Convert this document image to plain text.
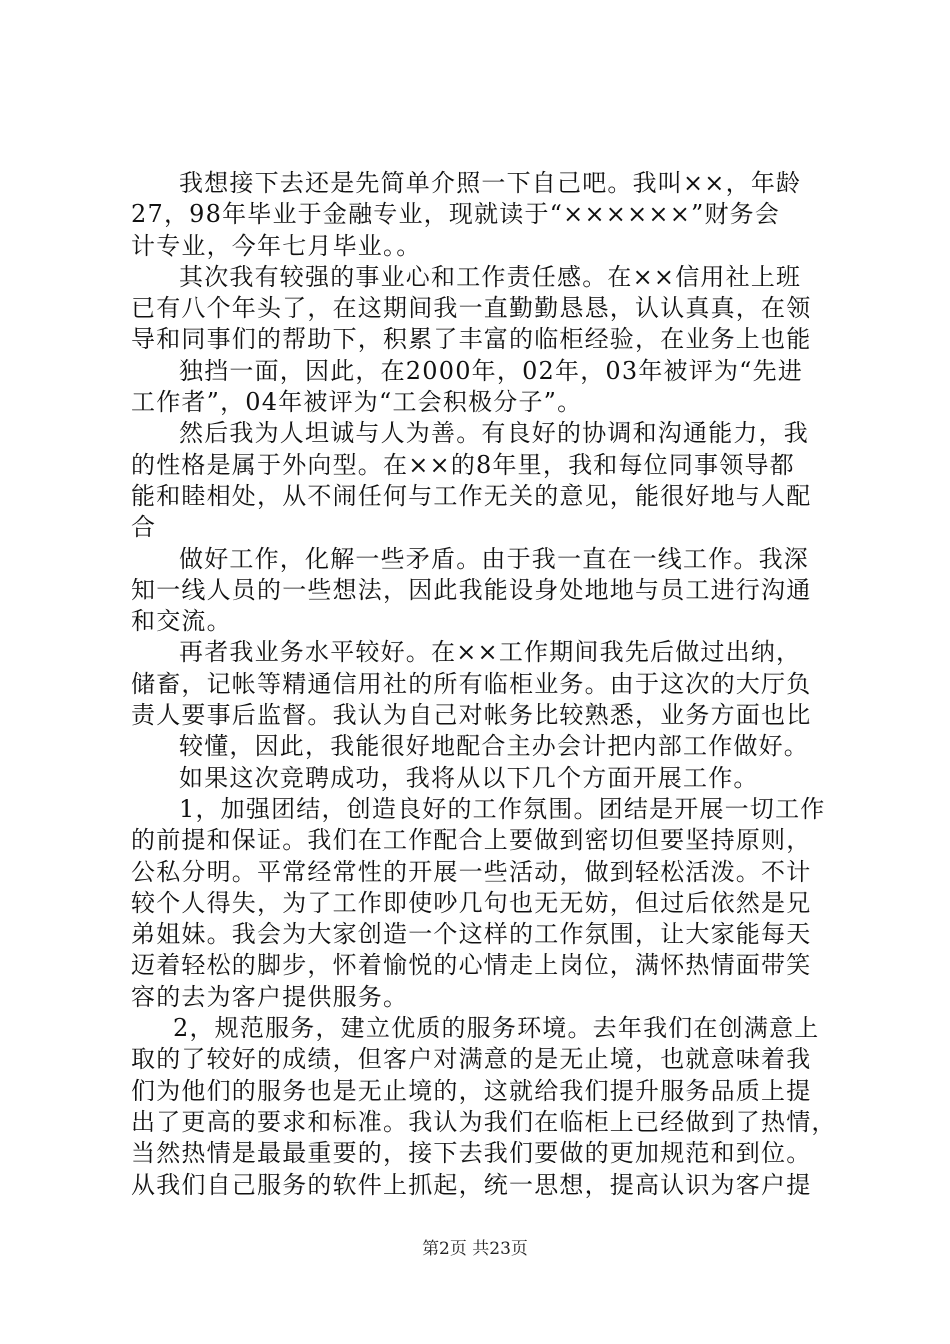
我想接下去还是先简单介照一下自己吧。我叫××，年龄
27，98年毕业于金融专业，现就读于“××××××”财务会
计专业，今年七月毕业。。
其次我有较强的事业心和工作责任感。在××信用社上班
已有八个年头了，在这期间我一直勤勤恳恳，认认真真，在领
导和同事们的帮助下，积累了丰富的临柜经验，在业务上也能
独挡一面，因此，在2000年，02年，03年被评为“先进
工作者”，04年被评为“工会积极分子”。
然后我为人坦诚与人为善。有良好的协调和沟通能力，我
的性格是属于外向型。在××的8年里，我和每位同事领导都
能和睦相处，从不闹任何与工作无关的意见，能很好地与人配
合
做好工作，化解一些矛盾。由于我一直在一线工作。我深
知一线人员的一些想法，因此我能设身处地地与员工进行沟通
和交流。
再者我业务水平较好。在××工作期间我先后做过出纳，
储畜，记帐等精通信用社的所有临柜业务。由于这次的大厅负
责人要事后监督。我认为自己对帐务比较熟悉，业务方面也比
较懂，因此，我能很好地配合主办会计把内部工作做好。
如果这次竞聘成功，我将从以下几个方面开展工作。
1，加强团结，创造良好的工作氛围。团结是开展一切工作
的前提和保证。我们在工作配合上要做到密切但要坚持原则，
公私分明。平常经常性的开展一些活动，做到轻松活泼。不计
较个人得失，为了工作即使吵几句也无无妨，但过后依然是兄
弟姐妹。我会为大家创造一个这样的工作氛围，让大家能每天
迈着轻松的脚步，怀着愉悦的心情走上岗位，满怀热情面带笑
容的去为客户提供服务。
2，规范服务，建立优质的服务环境。去年我们在创满意上
取的了较好的成绩，但客户对满意的是无止境，也就意味着我
们为他们的服务也是无止境的，这就给我们提升服务品质上提
出了更高的要求和标准。我认为我们在临柜上已经做到了热情，
当然热情是最最重要的，接下去我们要做的更加规范和到位。
从我们自己服务的软件上抓起，统一思想，提高认识为客户提
第2页 共23页
